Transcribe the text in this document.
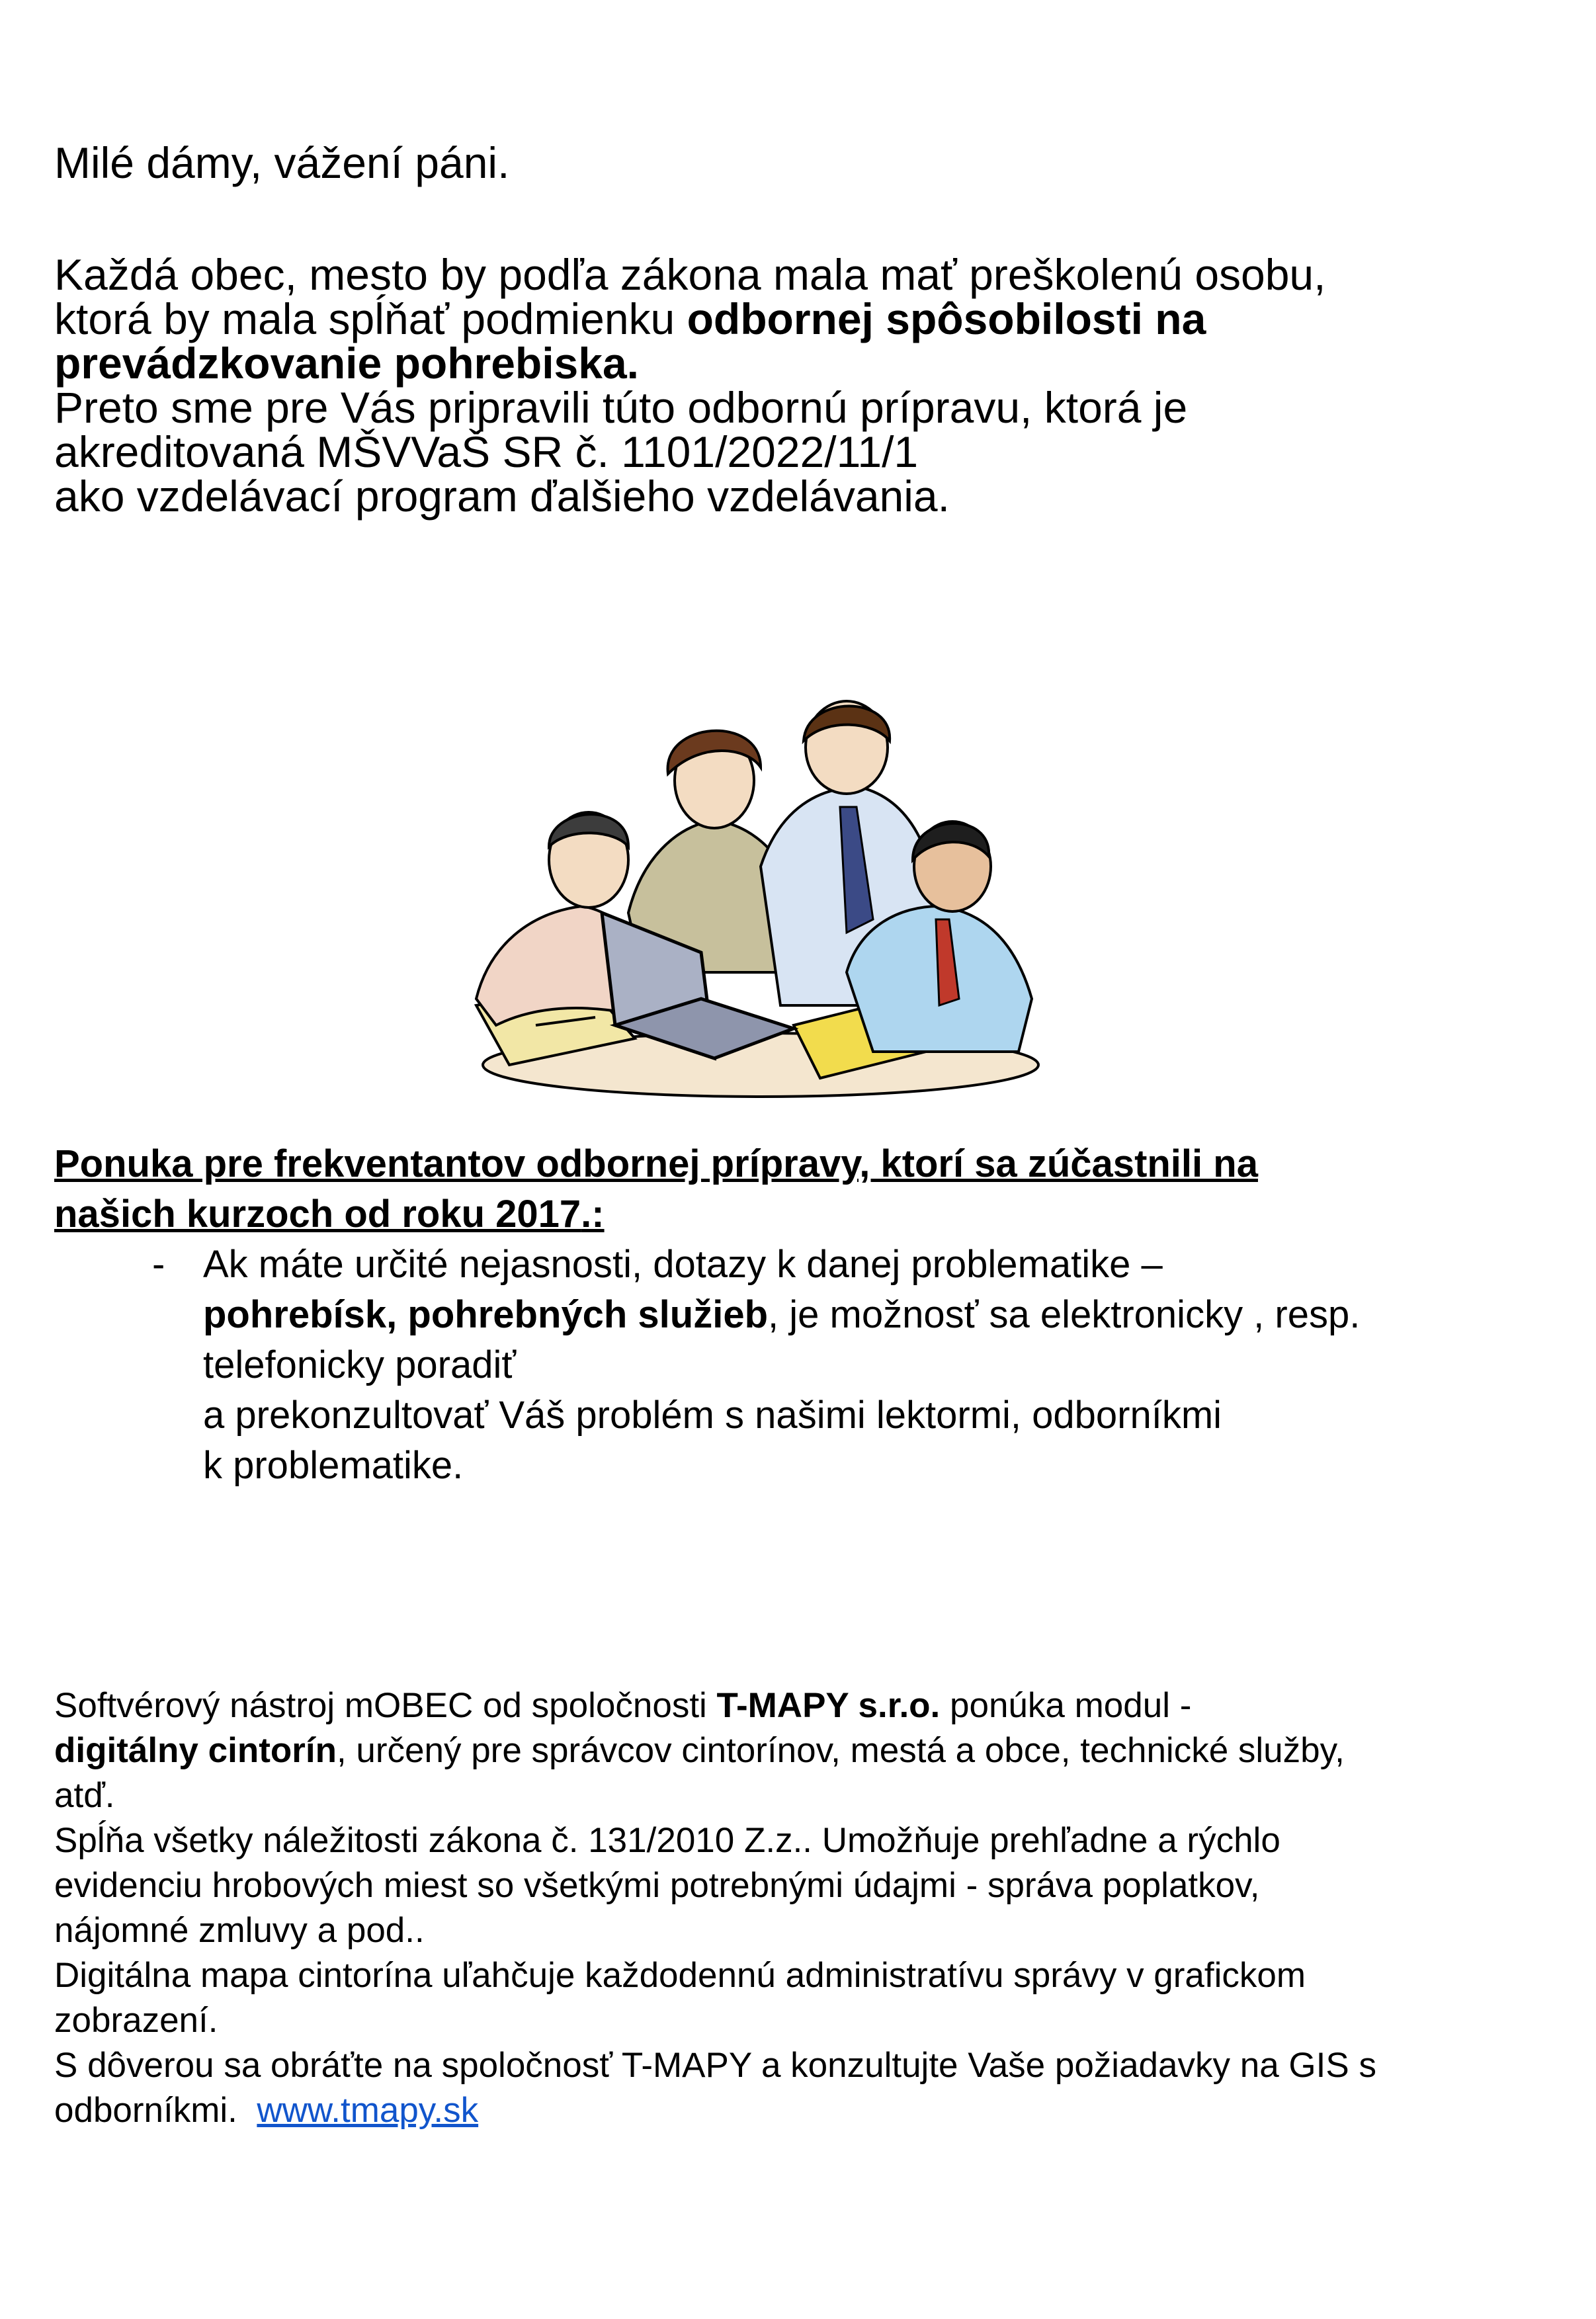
Milé dámy, vážení páni.
Každá obec, mesto by podľa zákona mala mať preškolenú osobu,
ktorá by mala spĺňať podmienku odbornej spôsobilosti na
prevádzkovanie pohrebiska.
Preto sme pre Vás pripravili túto odbornú prípravu, ktorá je
akreditovaná MŠVVaŠ SR č. 1101/2022/11/1
ako vzdelávací program ďalšieho vzdelávania.
Ponuka pre frekventantov odbornej prípravy, ktorí sa zúčastnili na
našich kurzoch od roku 2017.:
- Ak máte určité nejasnosti, dotazy k danej problematike –
pohrebísk, pohrebných služieb, je možnosť sa elektronicky , resp.
telefonicky poradiť
a prekonzultovať Váš problém s našimi lektormi, odborníkmi
k problematike.
Softvérový nástroj mOBEC od spoločnosti T-MAPY s.r.o. ponúka modul -
digitálny cintorín, určený pre správcov cintorínov, mestá a obce, technické služby,
atď.
Spĺňa všetky náležitosti zákona č. 131/2010 Z.z.. Umožňuje prehľadne a rýchlo
evidenciu hrobových miest so všetkými potrebnými údajmi - správa poplatkov,
nájomné zmluvy a pod..
Digitálna mapa cintorína uľahčuje každodennú administratívu správy v grafickom
zobrazení.
S dôverou sa obráťte na spoločnosť T-MAPY a konzultujte Vaše požiadavky na GIS s
odborníkmi.  www.tmapy.sk
